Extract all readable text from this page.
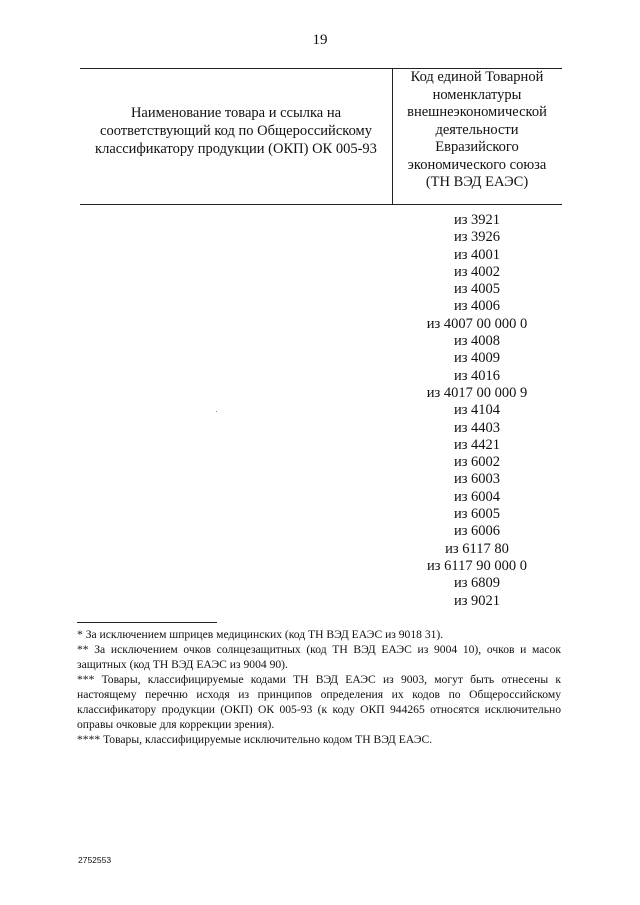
19
Наименование товара и ссылка на соответствующий код по Общероссийскому классификатору продукции (ОКП) ОК 005-93
Код единой Товарной номенклатуры внешнеэкономической деятельности Евразийского экономического союза (ТН ВЭД ЕАЭС)
из 3921
из 3926
из 4001
из 4002
из 4005
из 4006
из 4007 00 000 0
из 4008
из 4009
из 4016
из 4017 00 000 9
из 4104
из 4403
из 4421
из 6002
из 6003
из 6004
из 6005
из 6006
из 6117 80
из 6117 90 000 0
из 6809
из 9021

* За исключением шприцев медицинских (код ТН ВЭД ЕАЭС из 9018 31).

** За исключением очков солнцезащитных (код ТН ВЭД ЕАЭС из 9004 10), очков и масок защитных (код ТН ВЭД ЕАЭС из 9004 90).

*** Товары, классифицируемые кодами ТН ВЭД ЕАЭС из 9003, могут быть отнесены к настоящему перечню исходя из принципов определения их кодов по Общероссийскому классификатору продукции (ОКП) ОК 005-93 (к коду ОКП 944265 относятся исключительно оправы очковые для коррекции зрения).

**** Товары, классифицируемые исключительно кодом ТН ВЭД ЕАЭС.

2752553
